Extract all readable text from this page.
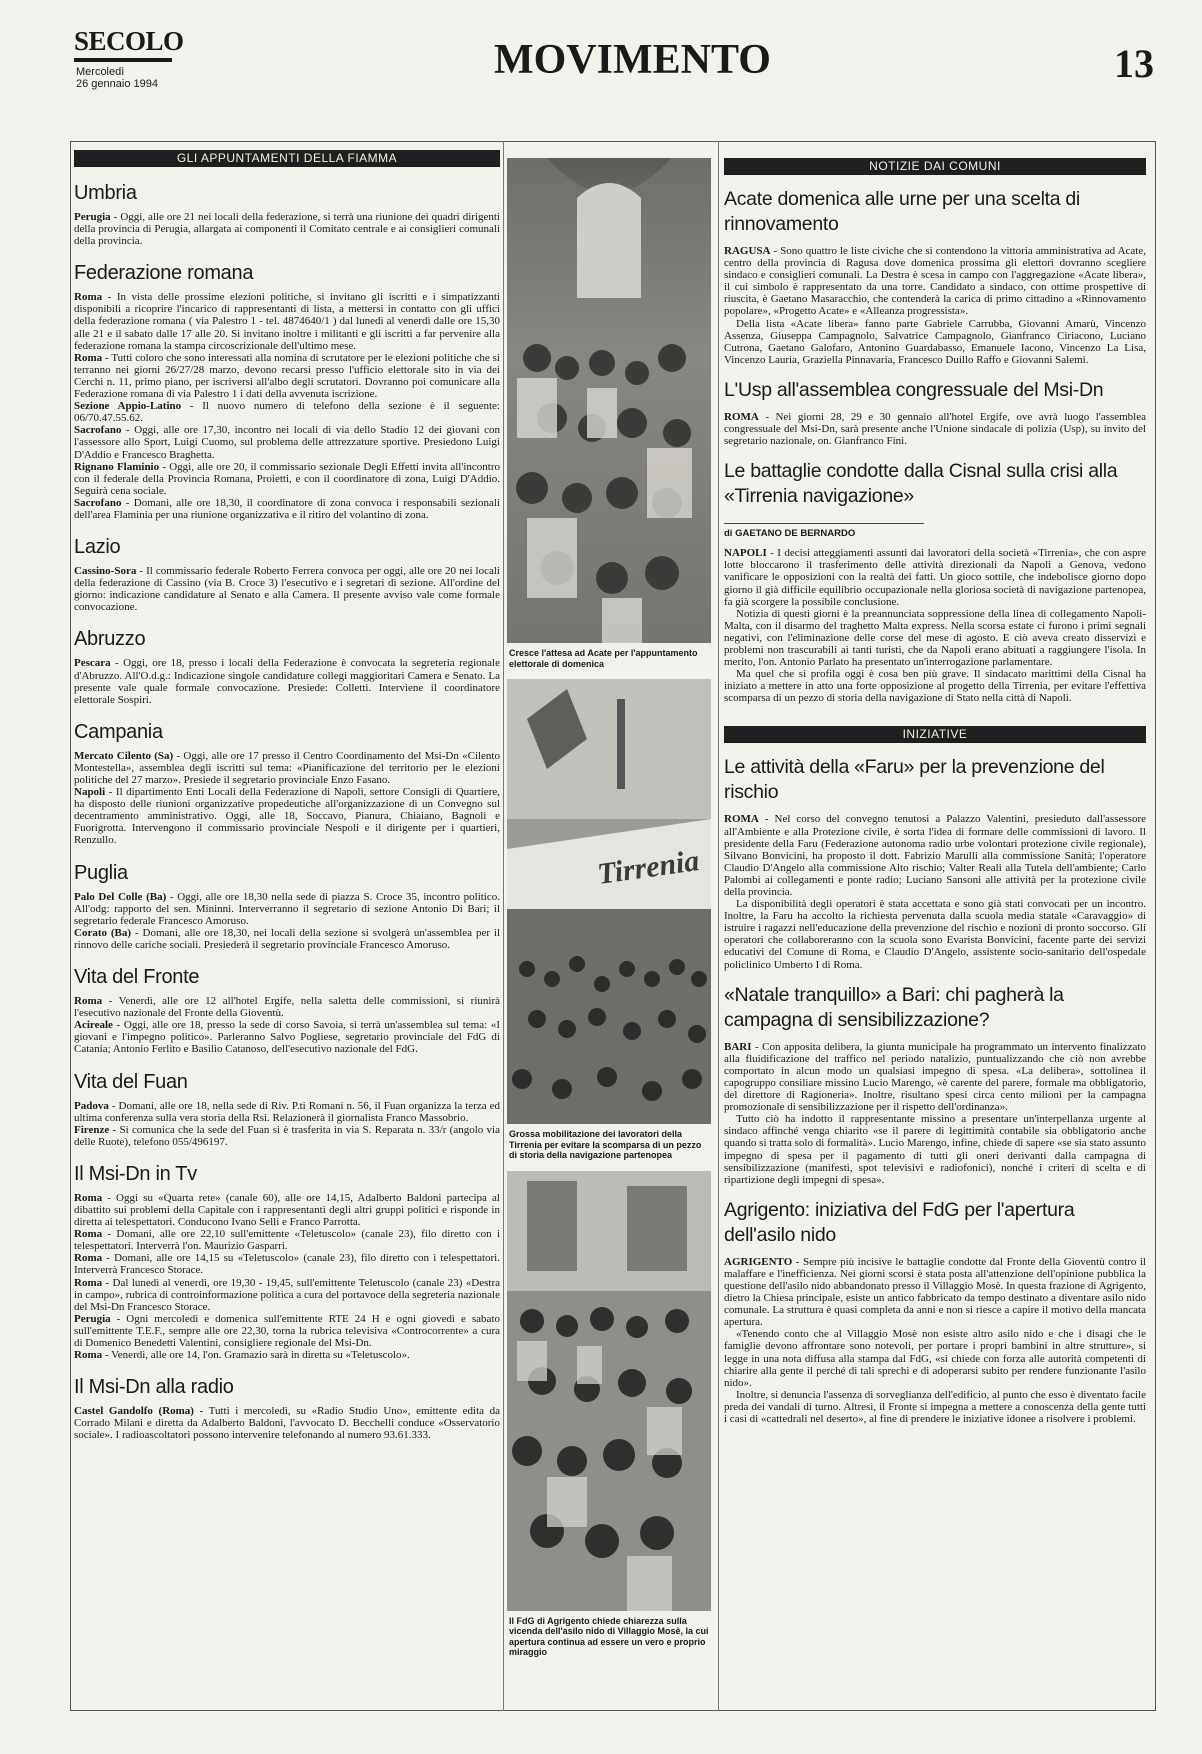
SECOLO
Mercoledì
26 gennaio 1994
MOVIMENTO	13
GLI APPUNTAMENTI DELLA FIAMMA
Umbria

Perugia - Oggi, alle ore 21 nei locali della federazione, si terrà una riunione dei quadri dirigenti della provincia di Perugia, allargata ai componenti il Comitato centrale e ai consiglieri comunali della provincia.

Federazione romana

Roma - In vista delle prossime elezioni politiche, si invitano gli iscritti e i simpatizzanti disponibili a ricoprire l'incarico di rappresentanti di lista, a mettersi in contatto con gli uffici della federazione romana ( via Palestro 1 - tel. 4874640/1 ) dal lunedì al venerdì dalle ore 15,30 alle 21 e il sabato dalle 17 alle 20. Si invitano inoltre i militanti e gli iscritti a far pervenire alla federazione romana la stampa circoscrizionale dell'ultimo mese.

Roma - Tutti coloro che sono interessati alla nomina di scrutatore per le elezioni politiche che si terranno nei giorni 26/27/28 marzo, devono recarsi presso l'ufficio elettorale sito in via dei Cerchi n. 11, primo piano, per iscriversi all'albo degli scrutatori. Dovranno poi comunicare alla Federazione romana di via Palestro 1 i dati della avvenuta iscrizione.

Sezione Appio-Latino - Il nuovo numero di telefono della sezione è il seguente: 06/70.47.55.62.

Sacrofano - Oggi, alle ore 17,30, incontro nei locali di via dello Stadio 12 dei giovani con l'assessore allo Sport, Luigi Cuomo, sul problema delle attrezzature sportive. Presiedono Luigi D'Addio e Francesco Braghetta.

Rignano Flaminio - Oggi, alle ore 20, il commissario sezionale Degli Effetti invita all'incontro con il federale della Provincia Romana, Proietti, e con il coordinatore di zona, Luigi D'Addio. Seguirà cena sociale.

Sacrofano - Domani, alle ore 18,30, il coordinatore di zona convoca i responsabili sezionali dell'area Flaminia per una riunione organizzativa e il ritiro del volantino di zona.

Lazio

Cassino-Sora - Il commissario federale Roberto Ferrera convoca per oggi, alle ore 20 nei locali della federazione di Cassino (via B. Croce 3) l'esecutivo e i segretari di sezione. All'ordine del giorno: indicazione candidature al Senato e alla Camera. Il presente avviso vale come formale convocazione.

Abruzzo

Pescara - Oggi, ore 18, presso i locali della Federazione è convocata la segreteria regionale d'Abruzzo. All'O.d.g.: Indicazione singole candidature collegi maggioritari Camera e Senato. La presente vale quale formale convocazione. Presiede: Colletti. Interviene il coordinatore elettorale Sospiri.

Campania

Mercato Cilento (Sa) - Oggi, alle ore 17 presso il Centro Coordinamento del Msi-Dn «Cilento Montestella», assemblea degli iscritti sul tema: «Pianificazione del territorio per le elezioni politiche del 27 marzo». Presiede il segretario provinciale Enzo Fasano.

Napoli - Il dipartimento Enti Locali della Federazione di Napoli, settore Consigli di Quartiere, ha disposto delle riunioni organizzative propedeutiche all'organizzazione di un Convegno sul decentramento amministrativo. Oggi, alle 18, Soccavo, Pianura, Chiaiano, Bagnoli e Fuorigrotta. Intervengono il commissario provinciale Nespoli e il dirigente per i quartieri, Renzullo.

Puglia

Palo Del Colle (Ba) - Oggi, alle ore 18,30 nella sede di piazza S. Croce 35, incontro politico. All'odg: rapporto del sen. Mininni. Interverranno il segretario di sezione Antonio Di Bari; il segretario federale Francesco Amoruso.

Corato (Ba) - Domani, alle ore 18,30, nei locali della sezione si svolgerà un'assemblea per il rinnovo delle cariche sociali. Presiederà il segretario provinciale Francesco Amoruso.

Vita del Fronte

Roma - Venerdì, alle ore 12 all'hotel Ergife, nella saletta delle commissioni, si riunirà l'esecutivo nazionale del Fronte della Gioventù.

Acireale - Oggi, alle ore 18, presso la sede di corso Savoia, si terrà un'assemblea sul tema: «I giovani e l'impegno politico». Parleranno Salvo Pogliese, segretario provinciale del FdG di Catania; Antonio Ferlito e Basilio Catanoso, dell'esecutivo nazionale del FdG.

Vita del Fuan

Padova - Domani, alle ore 18, nella sede di Riv. P.ti Romani n. 56, il Fuan organizza la terza ed ultima conferenza sulla vera storia della Rsi. Relazionerà il giornalista Franco Massobrio.

Firenze - Si comunica che la sede del Fuan si è trasferita in via S. Reparata n. 33/r (angolo via delle Ruote), telefono 055/496197.

Il Msi-Dn in Tv

Roma - Oggi su «Quarta rete» (canale 60), alle ore 14,15, Adalberto Baldoni partecipa al dibattito sui problemi della Capitale con i rappresentanti degli altri gruppi politici e risponde in diretta ai telespettatori. Conducono Ivano Selli e Franco Parrotta.

Roma - Domani, alle ore 22,10 sull'emittente «Teletuscolo» (canale 23), filo diretto con i telespettatori. Interverrà l'on. Maurizio Gasparri.

Roma - Domani, alle ore 14,15 su «Teletuscolo» (canale 23), filo diretto con i telespettatori. Interverrà Francesco Storace.

Roma - Dal lunedì al venerdì, ore 19,30 - 19,45, sull'emittente Teletuscolo (canale 23) «Destra in campo», rubrica di controinformazione politica a cura del portavoce della segreteria nazionale del Msi-Dn Francesco Storace.

Perugia - Ogni mercoledì e domenica sull'emittente RTE 24 H e ogni giovedì e sabato sull'emittente T.E.F., sempre alle ore 22,30, torna la rubrica televisiva «Controcorrente» a cura di Domenico Benedetti Valentini, consigliere regionale del Msi-Dn.

Roma - Venerdì, alle ore 14, l'on. Gramazio sarà in diretta su «Teletuscolo».

Il Msi-Dn alla radio

Castel Gandolfo (Roma) - Tutti i mercoledì, su «Radio Studio Uno», emittente edita da Corrado Milani e diretta da Adalberto Baldoni, l'avvocato D. Becchelli conduce «Osservatorio sociale». I radioascoltatori possono intervenire telefonando al numero 93.61.333.

Cresce l'attesa ad Acate per l'appuntamento elettorale di domenica
Tirrenia
Grossa mobilitazione dei lavoratori della Tirrenia per evitare la scomparsa di un pezzo di storia della navigazione partenopea
Il FdG di Agrigento chiede chiarezza sulla vicenda dell'asilo nido di Villaggio Mosè, la cui apertura continua ad essere un vero e proprio miraggio
NOTIZIE DAI COMUNI
Acate domenica alle urne per una scelta di rinnovamento

RAGUSA - Sono quattro le liste civiche che si contendono la vittoria amministrativa ad Acate, centro della provincia di Ragusa dove domenica prossima gli elettori dovranno scegliere sindaco e consiglieri comunali. La Destra è scesa in campo con l'aggregazione «Acate libera», il cui simbolo è rappresentato da una torre. Candidato a sindaco, con ottime prospettive di riuscita, è Gaetano Masaracchio, che contenderà la carica di primo cittadino a «Rinnovamento popolare», «Progetto Acate» e «Alleanza progressista».

Della lista «Acate libera» fanno parte Gabriele Carrubba, Giovanni Amarù, Vincenzo Assenza, Giuseppa Campagnolo, Salvatrice Campagnolo, Gianfranco Ciriacono, Luciano Cutrona, Gaetano Galofaro, Antonino Guardabasso, Emanuele Iacono, Vincenzo La Lisa, Vincenzo Lauria, Graziella Pinnavaria, Francesco Duillo Raffo e Giovanni Salemi.

L'Usp all'assemblea congressuale del Msi-Dn

ROMA - Nei giorni 28, 29 e 30 gennaio all'hotel Ergife, ove avrà luogo l'assemblea congressuale del Msi-Dn, sarà presente anche l'Unione sindacale di polizia (Usp), su invito del segretario nazionale, on. Gianfranco Fini.

Le battaglie condotte dalla Cisnal sulla crisi alla «Tirrenia navigazione»
di GAETANO DE BERNARDO

NAPOLI - I decisi atteggiamenti assunti dai lavoratori della società «Tirrenia», che con aspre lotte bloccarono il trasferimento delle attività direzionali da Napoli a Genova, vedono vanificare le opposizioni con la realtà dei fatti. Un gioco sottile, che indebolisce giorno dopo giorno il già difficile equilibrio occupazionale nella gloriosa società di navigazione partenopea, fa già scorgere la possibile conclusione.

Notizia di questi giorni è la preannunciata soppressione della linea di collegamento Napoli-Malta, con il disarmo del traghetto Malta express. Nella scorsa estate ci furono i primi segnali negativi, con l'eliminazione delle corse del mese di agosto. E ciò aveva creato disservizi e problemi non trascurabili ai tanti turisti, che da Napoli erano abituati a raggiungere l'isola. In merito, l'on. Antonio Parlato ha presentato un'interrogazione parlamentare.

Ma quel che si profila oggi è cosa ben più grave. Il sindacato marittimi della Cisnal ha iniziato a mettere in atto una forte opposizione al progetto della Tirrenia, per evitare l'effettiva scomparsa di un pezzo di storia della navigazione di Stato nella città di Napoli.

INIZIATIVE
Le attività della «Faru» per la prevenzione del rischio

ROMA - Nel corso del convegno tenutosi a Palazzo Valentini, presieduto dall'assessore all'Ambiente e alla Protezione civile, è sorta l'idea di formare delle commissioni di lavoro. Il presidente della Faru (Federazione autonoma radio urbe volontari protezione civile regionale), Silvano Bonvicini, ha proposto il dott. Fabrizio Marulli alla commissione Sanità; l'operatore Claudio D'Angelo alla commissione Alto rischio; Valter Reali alla Tutela dell'ambiente; Carlo Palombi ai collegamenti e ponte radio; Luciano Sansoni alle attività per la protezione civile della provincia.

La disponibilità degli operatori è stata accettata e sono già stati convocati per un incontro. Inoltre, la Faru ha accolto la richiesta pervenuta dalla scuola media statale «Caravaggio» di istruire i ragazzi nell'educazione della prevenzione del rischio e nozioni di pronto soccorso. Gli operatori che collaboreranno con la scuola sono Evarista Bonvicini, facente parte dei servizi educativi del Comune di Roma, e Claudio D'Angelo, assistente socio-sanitario dell'ospedale policlinico Umberto I di Roma.

«Natale tranquillo» a Bari: chi pagherà la campagna di sensibilizzazione?

BARI - Con apposita delibera, la giunta municipale ha programmato un intervento finalizzato alla fluidificazione del traffico nel periodo natalizio, puntualizzando che ciò non avrebbe comportato in alcun modo un qualsiasi impegno di spesa. «La delibera», sottolinea il capogruppo consiliare missino Lucio Marengo, «è carente del parere, formale ma obbligatorio, del direttore di Ragioneria». Inoltre, risultano spesi circa cento milioni per la campagna promozionale di sensibilizzazione per il rispetto dell'ordinanza».

Tutto ciò ha indotto il rappresentante missino a presentare un'interpellanza urgente al sindaco affinché venga chiarito «se il parere di legittimità contabile sia obbligatorio anche quando si tratta solo di formalità». Lucio Marengo, infine, chiede di sapere «se sia stato assunto impegno di spesa per il pagamento di tutti gli oneri derivanti dalla campagna di sensibilizzazione (manifesti, spot televisivi e radiofonici), nonché i criteri di scelta e di ripartizione degli impegni di spesa».

Agrigento: iniziativa del FdG per l'apertura dell'asilo nido

AGRIGENTO - Sempre più incisive le battaglie condotte dal Fronte della Gioventù contro il malaffare e l'inefficienza. Nei giorni scorsi è stata posta all'attenzione dell'opinione pubblica la questione dell'asilo nido abbandonato presso il Villaggio Mosè. In questa frazione di Agrigento, dietro la Chiesa principale, esiste un antico fabbricato da tempo destinato a diventare asilo nido comunale. La struttura è quasi completa da anni e non si riesce a capire il motivo della mancata apertura.

«Tenendo conto che al Villaggio Mosè non esiste altro asilo nido e che i disagi che le famiglie devono affrontare sono notevoli, per portare i propri bambini in altre strutture», si legge in una nota diffusa alla stampa dal FdG, «si chiede con forza alle autorità competenti di chiarire alla gente il perché di tali sprechi e di adoperarsi subito per rendere funzionante l'asilo nido».

Inoltre, si denuncia l'assenza di sorveglianza dell'edificio, al punto che esso è diventato facile preda dei vandali di turno. Altresì, il Fronte si impegna a mettere a conoscenza della gente tutti i casi di «cattedrali nel deserto», al fine di prendere le iniziative idonee a risolvere i problemi.
